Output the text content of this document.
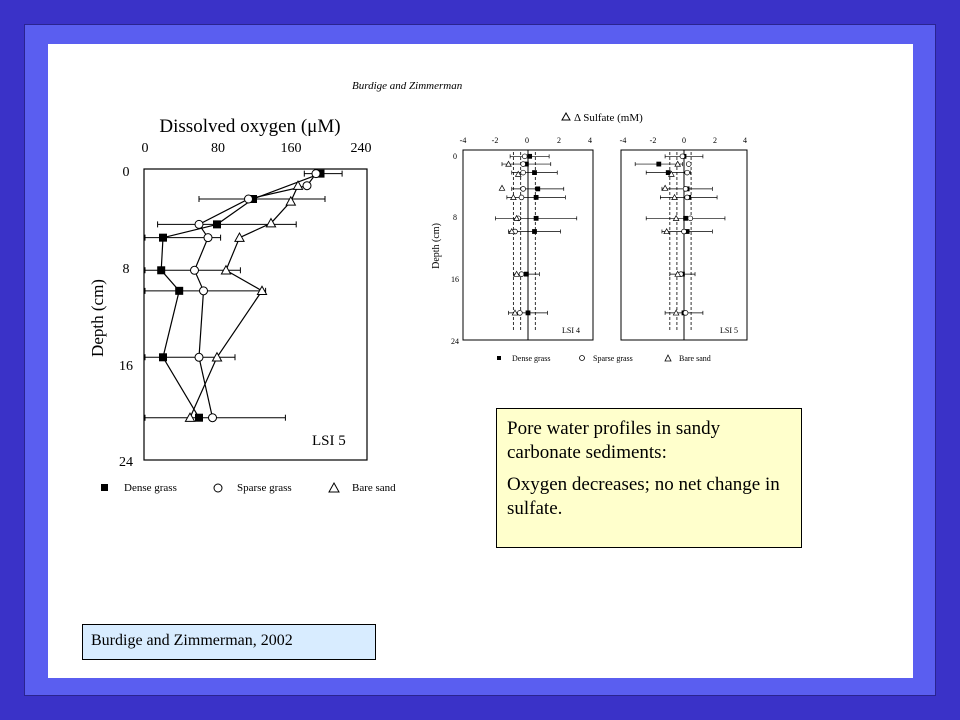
Burdige and Zimmerman
Dissolved oxygen (μM)
LSI 5
Depth (cm)
0	80	160	240
0
8
16
24
Dense grass	Sparse grass	Bare sand
Δ Sulfate (mM)
Depth (cm)
0
8
16
24
-4	-2	0	2	4
LSI 4
-4	-2	0	2	4
LSI 5
Dense grass	Sparse grass	Bare sand

Pore water profiles in sandy carbonate sediments:

Oxygen decreases; no net change in sulfate.

Burdige and Zimmerman, 2002
